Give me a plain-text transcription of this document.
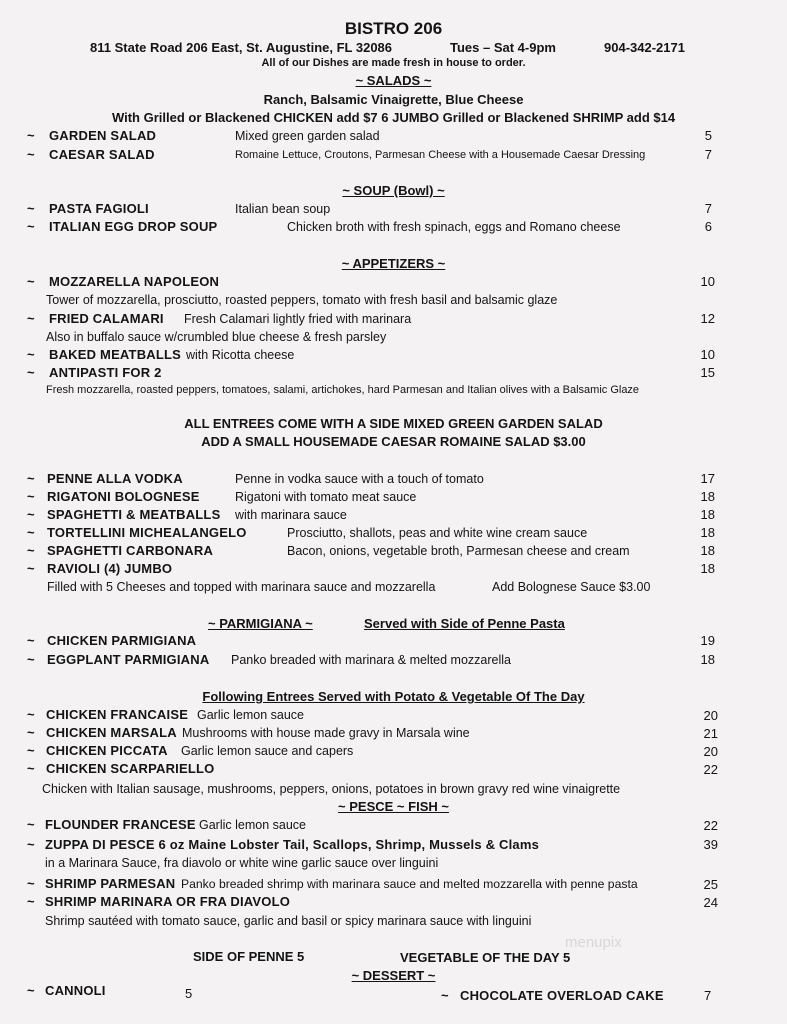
BISTRO 206
811 State Road 206 East, St. Augustine, FL 32086	Tues – Sat 4-9pm	904-342-2171
All of our Dishes are made fresh in house to order.
~ SALADS ~
Ranch, Balsamic Vinaigrette, Blue Cheese
With Grilled or Blackened CHICKEN add $7 6 JUMBO Grilled or Blackened SHRIMP add $14
~ GARDEN SALAD	Mixed green garden salad	5
~ CAESAR SALAD	Romaine Lettuce, Croutons, Parmesan Cheese with a Housemade Caesar Dressing	7
~ SOUP (Bowl) ~
~ PASTA FAGIOLI	Italian bean soup	7
~ ITALIAN EGG DROP SOUP	Chicken broth with fresh spinach, eggs and Romano cheese	6
~ APPETIZERS ~
~ MOZZARELLA NAPOLEON	10
Tower of mozzarella, prosciutto, roasted peppers, tomato with fresh basil and balsamic glaze
~ FRIED CALAMARI Fresh Calamari lightly fried with marinara	12
Also in buffalo sauce w/crumbled blue cheese & fresh parsley
~ BAKED MEATBALLS with Ricotta cheese	10
~ ANTIPASTI FOR 2	15
Fresh mozzarella, roasted peppers, tomatoes, salami, artichokes, hard Parmesan and Italian olives with a Balsamic Glaze
ALL ENTREES COME WITH A SIDE MIXED GREEN GARDEN SALAD
ADD A SMALL HOUSEMADE CAESAR ROMAINE SALAD $3.00
~ PENNE ALLA VODKA	Penne in vodka sauce with a touch of tomato	17
~ RIGATONI BOLOGNESE	Rigatoni with tomato meat sauce	18
~ SPAGHETTI & MEATBALLS with marinara sauce	18
~ TORTELLINI MICHEALANGELO	Prosciutto, shallots, peas and white wine cream sauce	18
~ SPAGHETTI CARBONARA	Bacon, onions, vegetable broth, Parmesan cheese and cream	18
~ RAVIOLI (4) JUMBO	18
Filled with 5 Cheeses and topped with marinara sauce and mozzarella	Add Bolognese Sauce $3.00
~ PARMIGIANA ~	Served with Side of Penne Pasta
~ CHICKEN PARMIGIANA	19
~ EGGPLANT PARMIGIANA Panko breaded with marinara & melted mozzarella	18
Following Entrees Served with Potato & Vegetable Of The Day
~ CHICKEN FRANCAISE Garlic lemon sauce	20
~ CHICKEN MARSALA Mushrooms with house made gravy in Marsala wine	21
~ CHICKEN PICCATA Garlic lemon sauce and capers	20
~ CHICKEN SCARPARIELLO	22
Chicken with Italian sausage, mushrooms, peppers, onions, potatoes in brown gravy red wine vinaigrette
~ PESCE ~ FISH ~
~ FLOUNDER FRANCESE Garlic lemon sauce	22
~ ZUPPA DI PESCE 6 oz Maine Lobster Tail, Scallops, Shrimp, Mussels & Clams	39
in a Marinara Sauce, fra diavolo or white wine garlic sauce over linguini
~ SHRIMP PARMESAN Panko breaded shrimp with marinara sauce and melted mozzarella with penne pasta	25
~ SHRIMP MARINARA OR FRA DIAVOLO	24
Shrimp sautéed with tomato sauce, garlic and basil or spicy marinara sauce with linguini
SIDE OF PENNE 5	VEGETABLE OF THE DAY 5
menupix
~ DESSERT ~
~ CANNOLI	5	~ CHOCOLATE OVERLOAD CAKE	7
